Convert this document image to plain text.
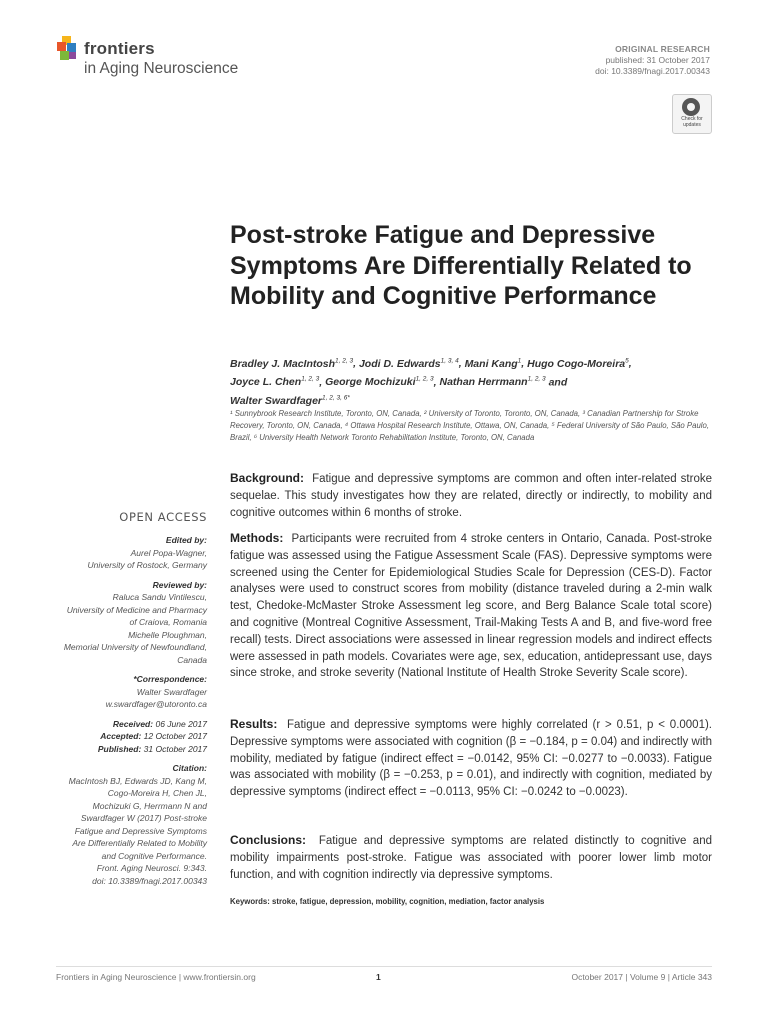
frontiers
in Aging Neuroscience
ORIGINAL RESEARCH
published: 31 October 2017
doi: 10.3389/fnagi.2017.00343
Check for updates
Post-stroke Fatigue and Depressive Symptoms Are Differentially Related to Mobility and Cognitive Performance
Bradley J. MacIntosh$^{1, 2, 3}$, Jodi D. Edwards$^{1, 3, 4}$, Mani Kang$^1$, Hugo Cogo-Moreira$^5$,
Joyce L. Chen$^{1, 2, 3}$, George Mochizuki$^{1, 2, 3}$, Nathan Herrmann$^{1, 2, 3}$ and
Walter Swardfager$^{1, 2, 3, 6*}$
¹ Sunnybrook Research Institute, Toronto, ON, Canada, ² University of Toronto, Toronto, ON, Canada, ³ Canadian Partnership for Stroke Recovery, Toronto, ON, Canada, ⁴ Ottawa Hospital Research Institute, Ottawa, ON, Canada, ⁵ Federal University of São Paulo, São Paulo, Brazil, ⁶ University Health Network Toronto Rehabilitation Institute, Toronto, ON, Canada
Background: Fatigue and depressive symptoms are common and often inter-related stroke sequelae. This study investigates how they are related, directly or indirectly, to mobility and cognitive outcomes within 6 months of stroke.
Methods: Participants were recruited from 4 stroke centers in Ontario, Canada. Post-stroke fatigue was assessed using the Fatigue Assessment Scale (FAS). Depressive symptoms were screened using the Center for Epidemiological Studies Scale for Depression (CES-D). Factor analyses were used to construct scores from mobility (distance traveled during a 2-min walk test, Chedoke-McMaster Stroke Assessment leg score, and Berg Balance Scale total score) and cognitive (Montreal Cognitive Assessment, Trail-Making Tests A and B, and five-word free recall) tests. Direct associations were assessed in linear regression models and indirect effects were assessed in path models. Covariates were age, sex, education, antidepressant use, days since stroke, and stroke severity (National Institute of Health Stroke Severity Scale score).
Results: Fatigue and depressive symptoms were highly correlated (r > 0.51, p < 0.0001). Depressive symptoms were associated with cognition (β = −0.184, p = 0.04) and indirectly with mobility, mediated by fatigue (indirect effect = −0.0142, 95% CI: −0.0277 to −0.0033). Fatigue was associated with mobility (β = −0.253, p = 0.01), and indirectly with cognition, mediated by depressive symptoms (indirect effect = −0.0113, 95% CI: −0.0242 to −0.0023).
Conclusions: Fatigue and depressive symptoms are related distinctly to cognitive and mobility impairments post-stroke. Fatigue was associated with poorer lower limb motor function, and with cognition indirectly via depressive symptoms.
Keywords: stroke, fatigue, depression, mobility, cognition, mediation, factor analysis
OPEN ACCESS
Edited by:
Aurel Popa-Wagner,
University of Rostock, Germany
Reviewed by:
Raluca Sandu Vintilescu,
University of Medicine and Pharmacy
of Craiova, Romania
Michelle Ploughman,
Memorial University of Newfoundland,
Canada
*Correspondence:
Walter Swardfager
w.swardfager@utoronto.ca
Received: 06 June 2017
Accepted: 12 October 2017
Published: 31 October 2017
Citation:
MacIntosh BJ, Edwards JD, Kang M,
Cogo-Moreira H, Chen JL,
Mochizuki G, Herrmann N and
Swardfager W (2017) Post-stroke
Fatigue and Depressive Symptoms
Are Differentially Related to Mobility
and Cognitive Performance.
Front. Aging Neurosci. 9:343.
doi: 10.3389/fnagi.2017.00343
Frontiers in Aging Neuroscience | www.frontiersin.org	1	October 2017 | Volume 9 | Article 343
